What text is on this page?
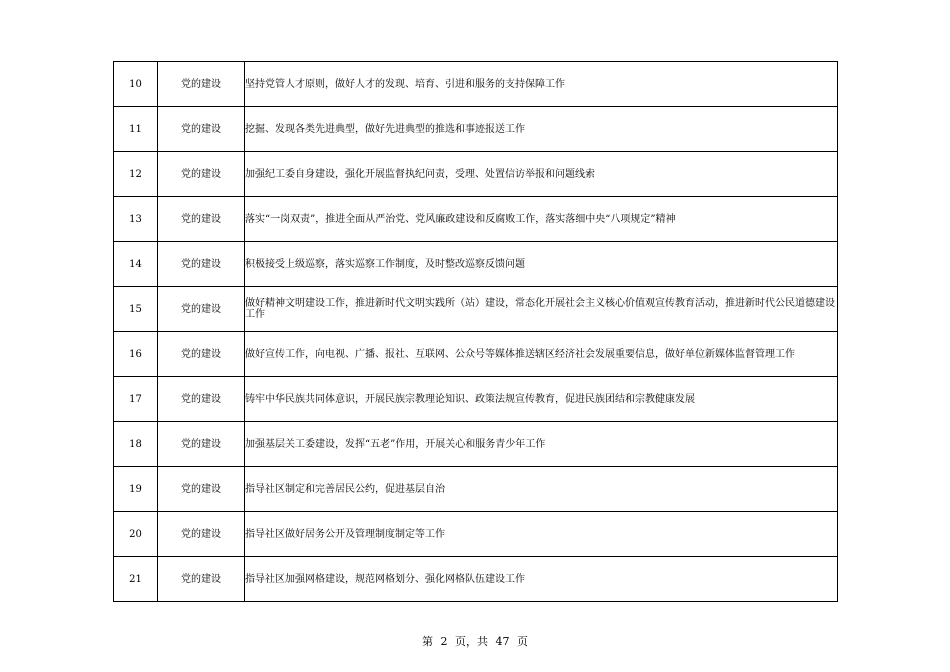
10	党的建设	坚持党管人才原则，做好人才的发现、培育、引进和服务的支持保障工作
11	党的建设	挖掘、发现各类先进典型，做好先进典型的推选和事迹报送工作
12	党的建设	加强纪工委自身建设，强化开展监督执纪问责，受理、处置信访举报和问题线索
13	党的建设	落实“一岗双责”，推进全面从严治党、党风廉政建设和反腐败工作，落实落细中央“八项规定”精神
14	党的建设	积极接受上级巡察，落实巡察工作制度，及时整改巡察反馈问题
15	党的建设	做好精神文明建设工作，推进新时代文明实践所（站）建设，常态化开展社会主义核心价值观宣传教育活动，推进新时代公民道德建设工作
16	党的建设	做好宣传工作，向电视、广播、报社、互联网、公众号等媒体推送辖区经济社会发展重要信息，做好单位新媒体监督管理工作
17	党的建设	铸牢中华民族共同体意识，开展民族宗教理论知识、政策法规宣传教育，促进民族团结和宗教健康发展
18	党的建设	加强基层关工委建设，发挥“五老”作用，开展关心和服务青少年工作
19	党的建设	指导社区制定和完善居民公约，促进基层自治
20	党的建设	指导社区做好居务公开及管理制度制定等工作
21	党的建设	指导社区加强网格建设，规范网格划分、强化网格队伍建设工作
第 2 页，共 47 页
